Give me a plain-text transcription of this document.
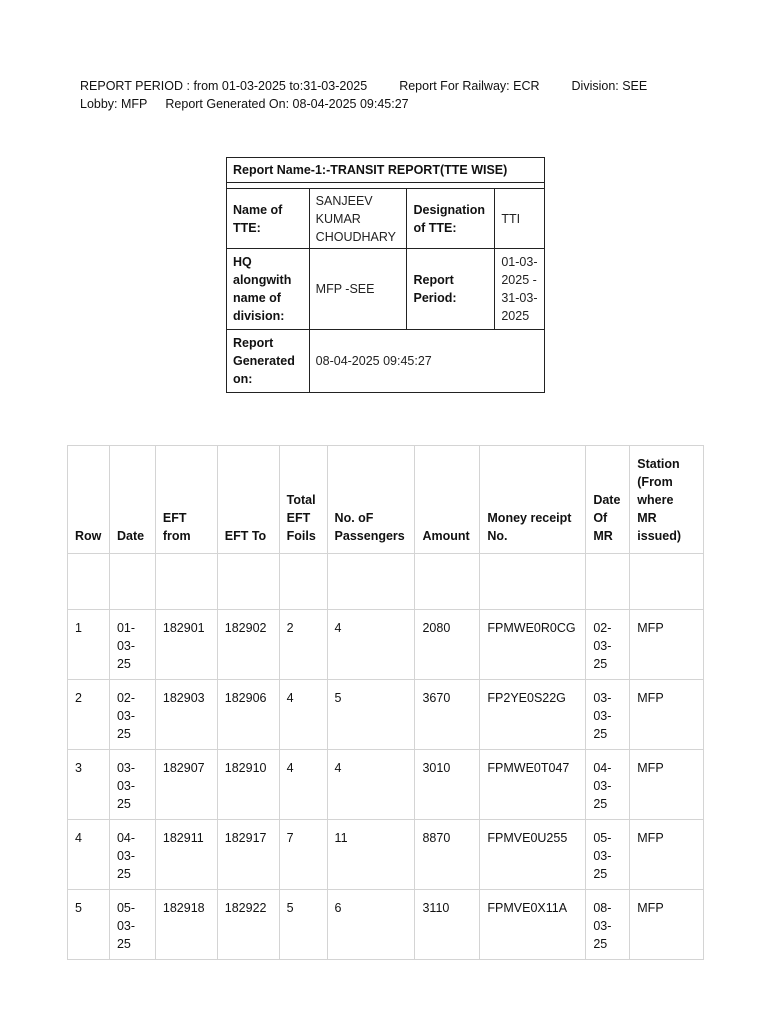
REPORT PERIOD : from 01-03-2025 to:31-03-2025	Report For Railway: ECR	Division: SEE
Lobby: MFP Report Generated On: 08-04-2025 09:45:27
Report Name-1:-TRANSIT REPORT(TTE WISE)			

Name of TTE:	SANJEEV KUMAR CHOUDHARY	Designation of TTE:	TTI
HQ alongwith name of division:	MFP -SEE	Report Period:	01-03-2025 - 31-03-2025
Report Generated on:	08-04-2025 09:45:27		
Row	Date	EFT from	EFT To	Total EFT Foils	No. oF Passengers	Amount	Money receipt No.	Date Of MR	Station (From where MR issued)

1	01-03-25	182901	182902	2	4	2080	FPMWE0R0CG	02-03-25	MFP
2	02-03-25	182903	182906	4	5	3670	FP2YE0S22G	03-03-25	MFP
3	03-03-25	182907	182910	4	4	3010	FPMWE0T047	04-03-25	MFP
4	04-03-25	182911	182917	7	11	8870	FPMVE0U255	05-03-25	MFP
5	05-03-25	182918	182922	5	6	3110	FPMVE0X11A	08-03-25	MFP
